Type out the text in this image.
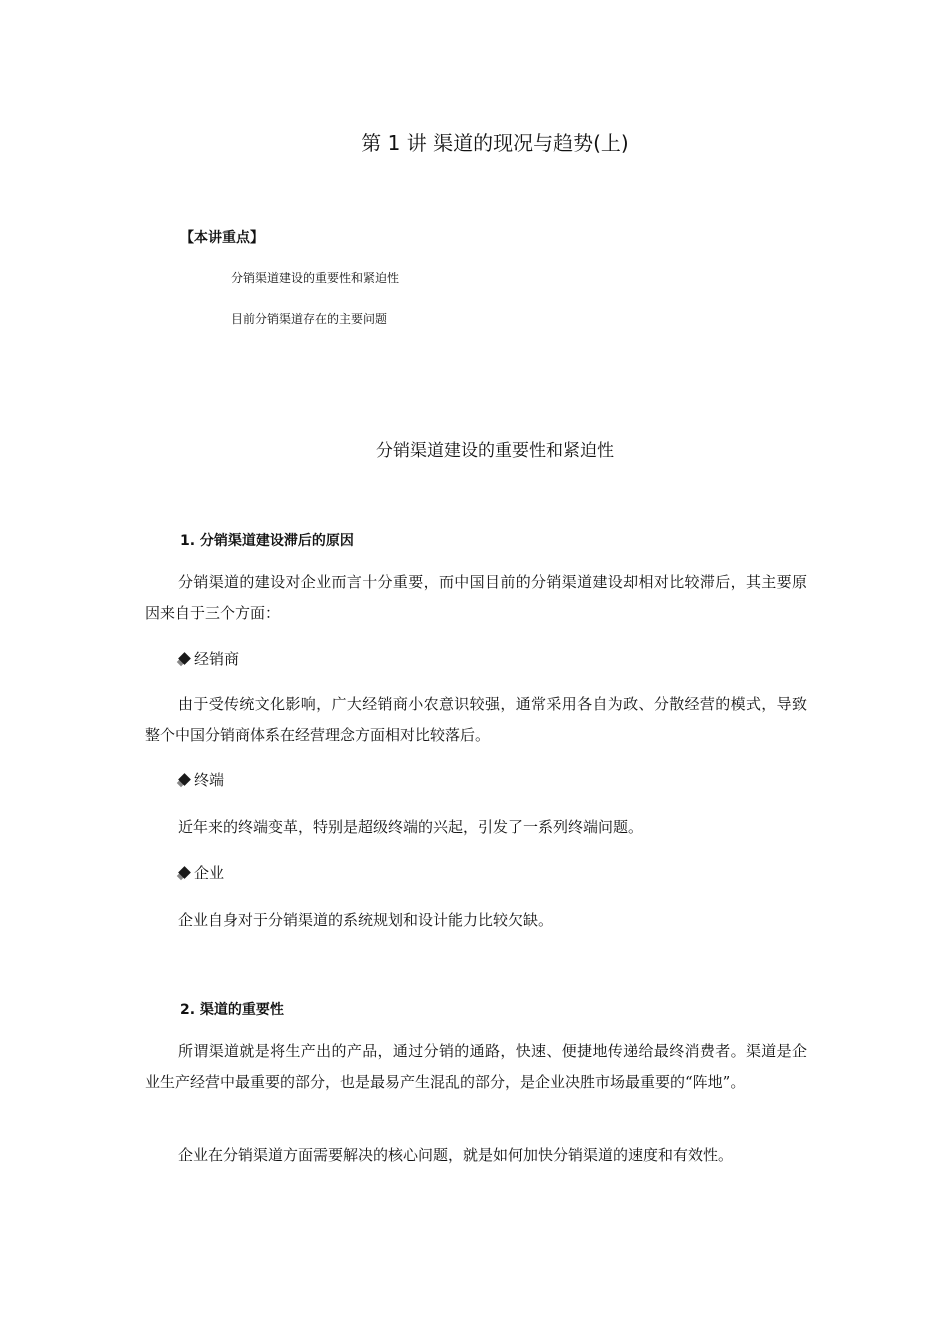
第 1 讲 渠道的现况与趋势(上)
【本讲重点】
分销渠道建设的重要性和紧迫性
目前分销渠道存在的主要问题
分销渠道建设的重要性和紧迫性
1. 分销渠道建设滞后的原因
分销渠道的建设对企业而言十分重要，而中国目前的分销渠道建设却相对比较滞后，其主要原因来自于三个方面：
经销商
由于受传统文化影响，广大经销商小农意识较强，通常采用各自为政、分散经营的模式，导致整个中国分销商体系在经营理念方面相对比较落后。
终端
近年来的终端变革，特别是超级终端的兴起，引发了一系列终端问题。
企业
企业自身对于分销渠道的系统规划和设计能力比较欠缺。
2. 渠道的重要性
所谓渠道就是将生产出的产品，通过分销的通路，快速、便捷地传递给最终消费者。渠道是企业生产经营中最重要的部分，也是最易产生混乱的部分，是企业决胜市场最重要的“阵地”。
企业在分销渠道方面需要解决的核心问题，就是如何加快分销渠道的速度和有效性。
